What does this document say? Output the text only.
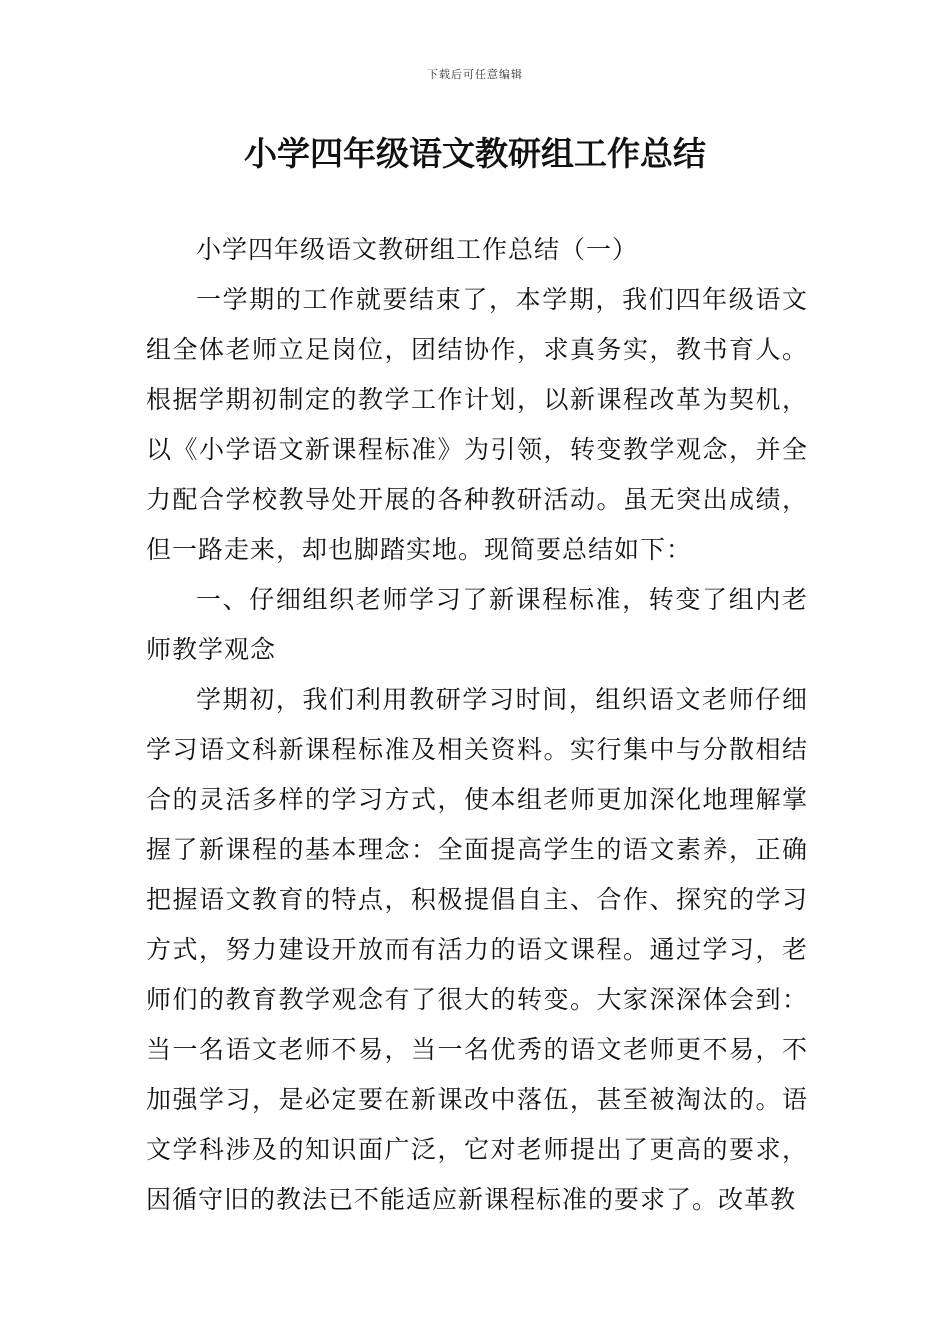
下载后可任意编辑
小学四年级语文教研组工作总结

小学四年级语文教研组工作总结（一）

一学期的工作就要结束了，本学期，我们四年级语文组全体老师立足岗位，团结协作，求真务实，教书育人。根据学期初制定的教学工作计划，以新课程改革为契机，以《小学语文新课程标准》为引领，转变教学观念，并全力配合学校教导处开展的各种教研活动。虽无突出成绩，但一路走来，却也脚踏实地。现简要总结如下：

一、仔细组织老师学习了新课程标准，转变了组内老师教学观念

学期初，我们利用教研学习时间，组织语文老师仔细学习语文科新课程标准及相关资料。实行集中与分散相结合的灵活多样的学习方式，使本组老师更加深化地理解掌握了新课程的基本理念：全面提高学生的语文素养，正确把握语文教育的特点，积极提倡自主、合作、探究的学习方式，努力建设开放而有活力的语文课程。通过学习，老师们的教育教学观念有了很大的转变。大家深深体会到：当一名语文老师不易，当一名优秀的语文老师更不易，不加强学习，是必定要在新课改中落伍，甚至被淘汰的。语文学科涉及的知识面广泛，它对老师提出了更高的要求，因循守旧的教法已不能适应新课程标准的要求了。改革教
